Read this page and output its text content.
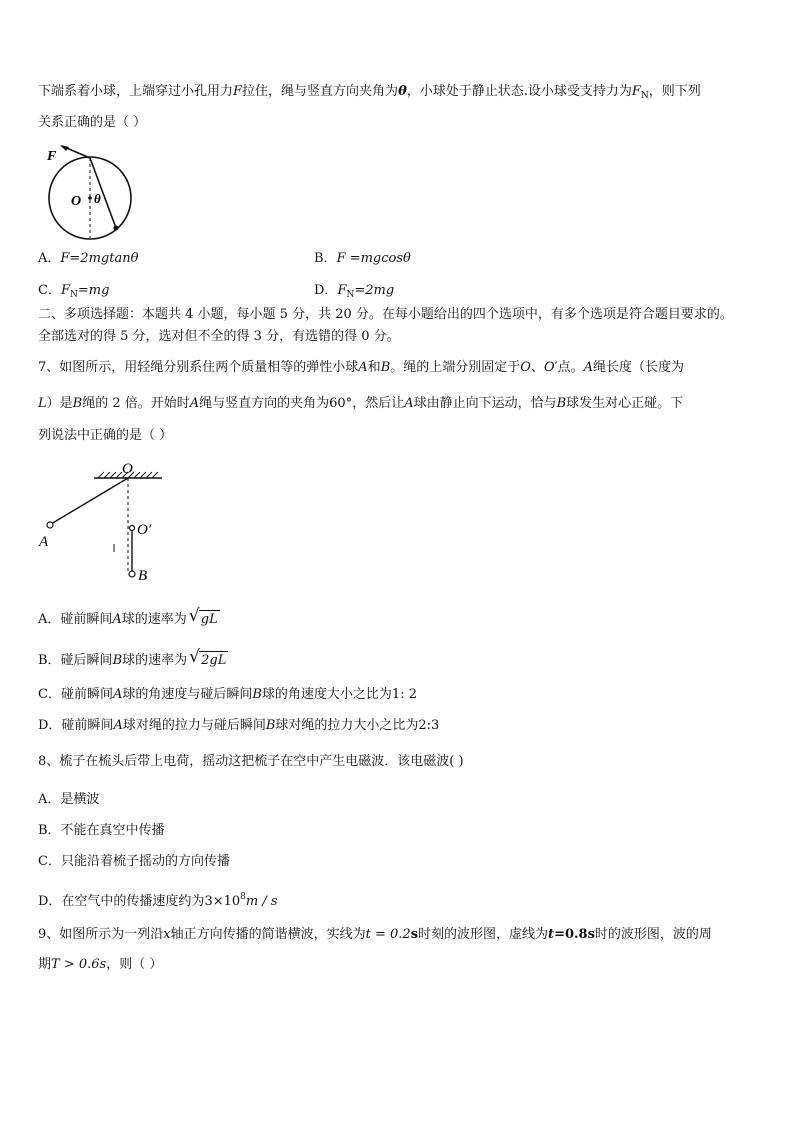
下端系着小球，上端穿过小孔用力F拉住，绳与竖直方向夹角为θ，小球处于静止状态.设小球受支持力为$F_N$，则下列
关系正确的是（ ）
F
O θ
A．F=2mgtanθ	B．F =mgcosθ
C．$F_N=mg$	D．$F_N=2mg$
二、多项选择题：本题共 4 小题，每小题 5 分，共 20 分。在每小题给出的四个选项中，有多个选项是符合题目要求的。
全部选对的得 5 分，选对但不全的得 3 分，有选错的得 0 分。
7、如图所示，用轻绳分别系住两个质量相等的弹性小球A和B。绳的上端分别固定于O、O′点。A绳长度（长度为
L）是B绳的 2 倍。开始时A绳与竖直方向的夹角为60°，然后让A球由静止向下运动，恰与B球发生对心正碰。下
列说法中正确的是（ ）
O
O′
A
B
A．碰前瞬间A球的速率为 √ gL
B．碰后瞬间B球的速率为 √ 2gL
C．碰前瞬间A球的角速度与碰后瞬间B球的角速度大小之比为1: 2
D．碰前瞬间A球对绳的拉力与碰后瞬间B球对绳的拉力大小之比为2:3
8、梳子在梳头后带上电荷，摇动这把梳子在空中产生电磁波．该电磁波( )
A．是横波
B．不能在真空中传播
C．只能沿着梳子摇动的方向传播
D．在空气中的传播速度约为$3\times 10^8m / s$
9、如图所示为一列沿x轴正方向传播的简谐横波，实线为t = 0.2s时刻的波形图，虚线为t=0.8s时的波形图，波的周
期T > 0.6s，则（ ）
